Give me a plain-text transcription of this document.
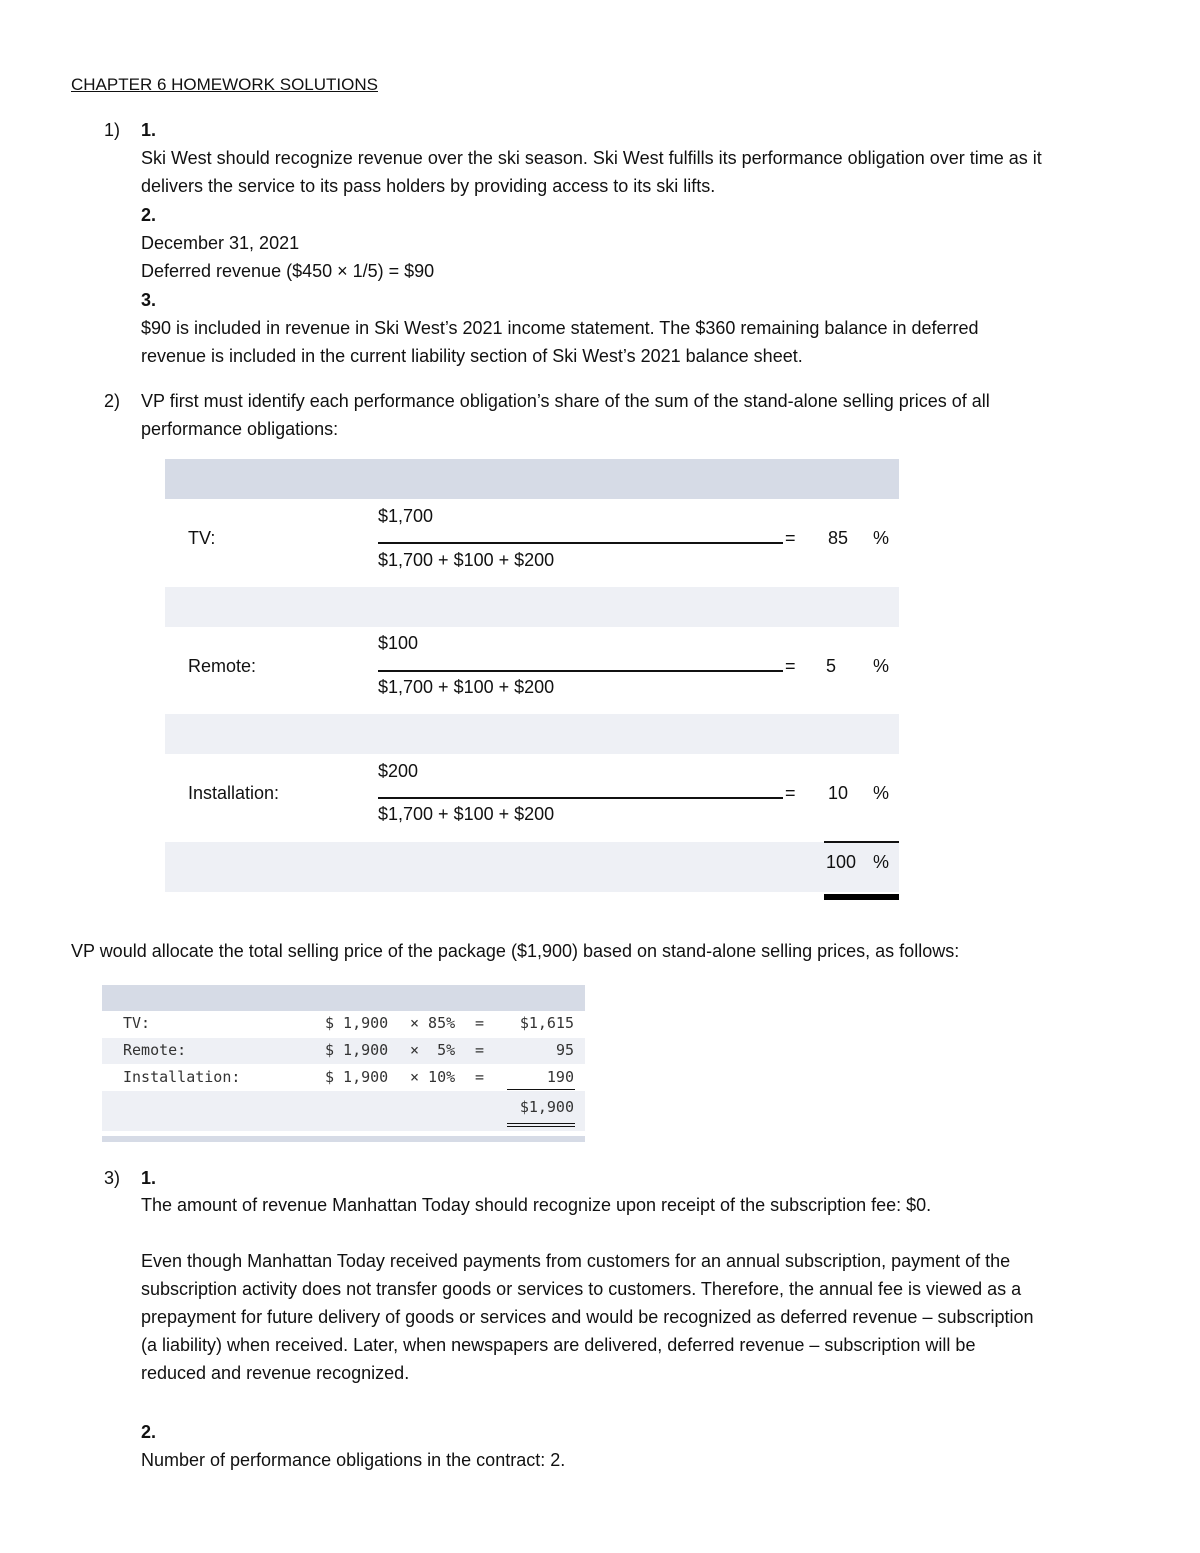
CHAPTER 6 HOMEWORK SOLUTIONS
1) 1.
Ski West should recognize revenue over the ski season. Ski West fulfills its performance obligation over time as it
delivers the service to its pass holders by providing access to its ski lifts.
2.
December 31, 2021
Deferred revenue ($450 × 1/5) = $90
3.
$90 is included in revenue in Ski West’s 2021 income statement. The $360 remaining balance in deferred
revenue is included in the current liability section of Ski West’s 2021 balance sheet.
2) VP first must identify each performance obligation’s share of the sum of the stand-alone selling prices of all
performance obligations:
TV:
$1,700
$1,700 + $100 + $200
=	85 %
Remote:
$100
$1,700 + $100 + $200
=	5 %
Installation:
$200
$1,700 + $100 + $200
=	10 %
100 %
VP would allocate the total selling price of the package ($1,900) based on stand-alone selling prices, as follows:
TV:	$ 1,900 × 85% =	$1,615
Remote:	$ 1,900 ×  5% =	95
Installation:	$ 1,900 × 10% =	190
$1,900
3) 1.
The amount of revenue Manhattan Today should recognize upon receipt of the subscription fee: $0.
Even though Manhattan Today received payments from customers for an annual subscription, payment of the
subscription activity does not transfer goods or services to customers. Therefore, the annual fee is viewed as a
prepayment for future delivery of goods or services and would be recognized as deferred revenue – subscription
(a liability) when received. Later, when newspapers are delivered, deferred revenue – subscription will be
reduced and revenue recognized.
2.
Number of performance obligations in the contract: 2.
